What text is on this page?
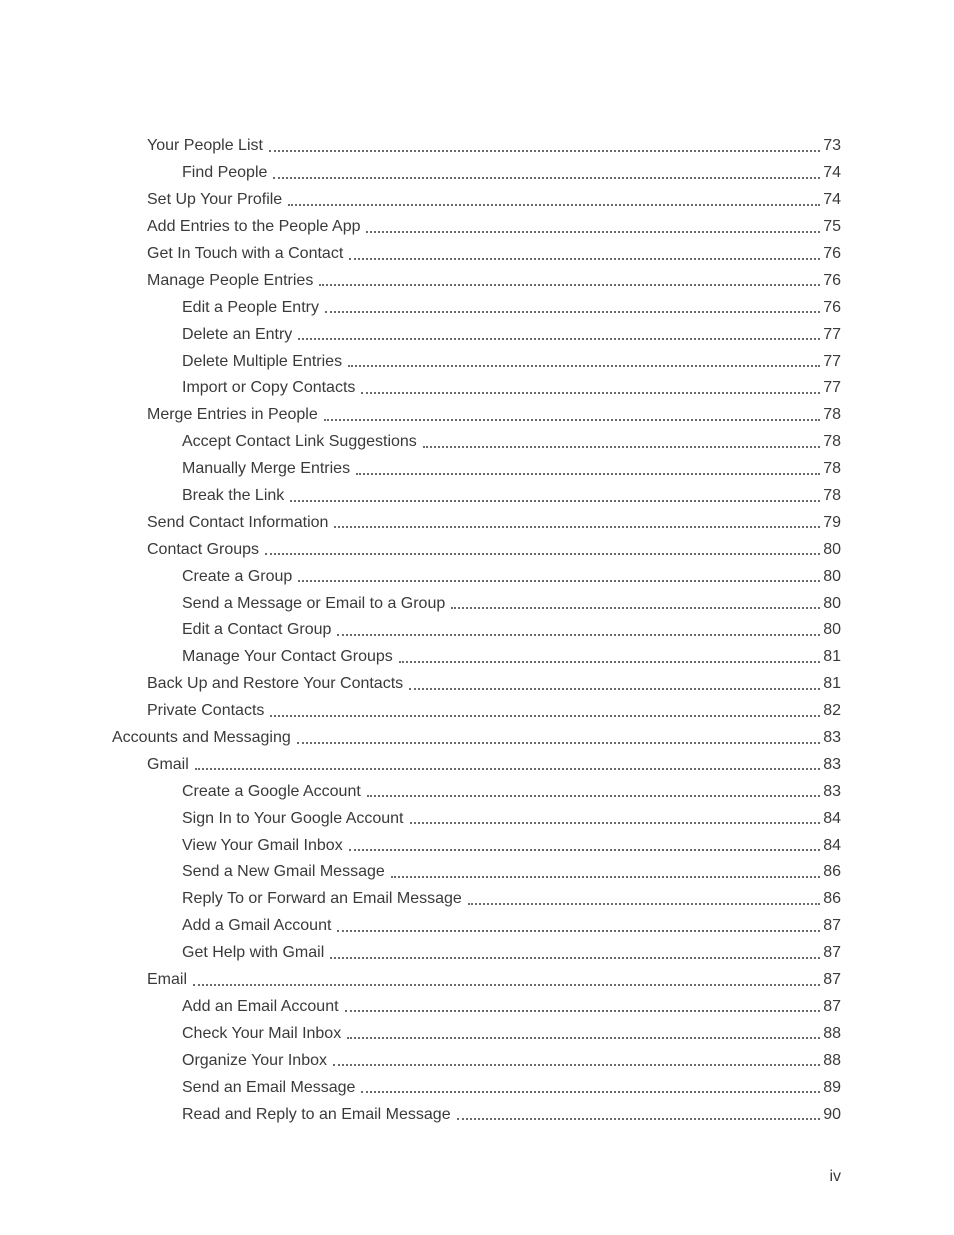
Your People List	73
Find People	74
Set Up Your Profile	74
Add Entries to the People App	75
Get In Touch with a Contact	76
Manage People Entries	76
Edit a People Entry	76
Delete an Entry	77
Delete Multiple Entries	77
Import or Copy Contacts	77
Merge Entries in People	78
Accept Contact Link Suggestions	78
Manually Merge Entries	78
Break the Link	78
Send Contact Information	79
Contact Groups	80
Create a Group	80
Send a Message or Email to a Group	80
Edit a Contact Group	80
Manage Your Contact Groups	81
Back Up and Restore Your Contacts	81
Private Contacts	82
Accounts and Messaging	83
Gmail	83
Create a Google Account	83
Sign In to Your Google Account	84
View Your Gmail Inbox	84
Send a New Gmail Message	86
Reply To or Forward an Email Message	86
Add a Gmail Account	87
Get Help with Gmail	87
Email	87
Add an Email Account	87
Check Your Mail Inbox	88
Organize Your Inbox	88
Send an Email Message	89
Read and Reply to an Email Message	90
iv
